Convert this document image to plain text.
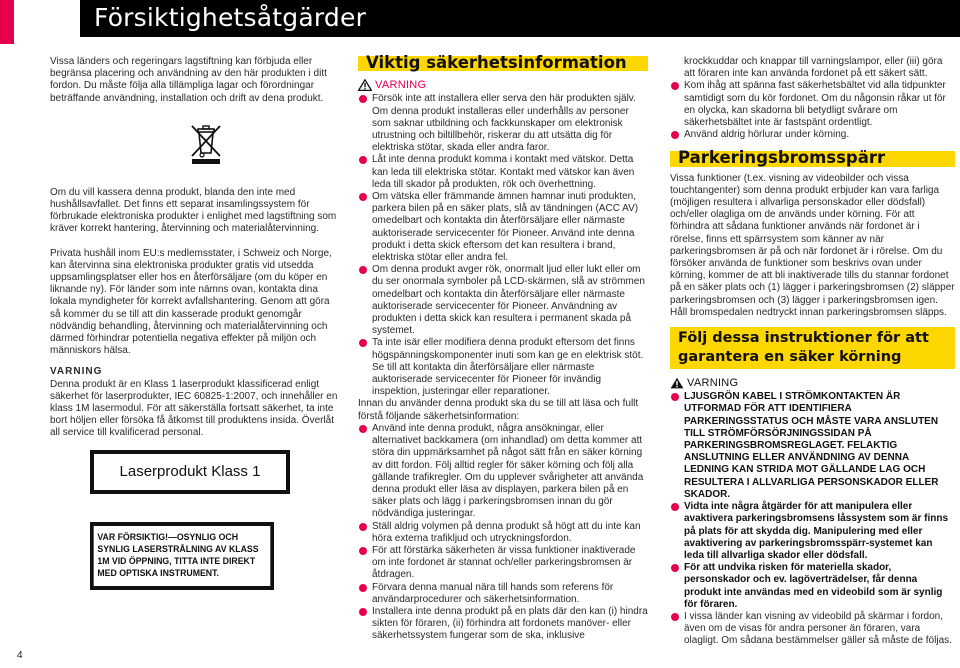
Försiktighetsåtgärder

Vissa länders och regeringars lagstiftning kan förbjuda eller begränsa placering och användning av den här produkten i ditt fordon. Du måste följa alla tillämpliga lagar och förordningar beträffande användning, installation och drift av dena produkt.

Om du vill kassera denna produkt, blanda den inte med hushållsavfallet. Det finns ett separat insamlingssystem för förbrukade elektroniska produkter i enlighet med lagstiftning som kräver korrekt hantering, återvinning och materialåtervinning.

Privata hushåll inom EU:s medlemsstater, i Schweiz och Norge, kan återvinna sina elektroniska produkter gratis vid utsedda uppsamlingsplatser eller hos en återförsäljare (om du köper en liknande ny). För länder som inte nämns ovan, kontakta dina lokala myndigheter för korrekt avfallshantering. Genom att göra så kommer du se till att din kasserade produkt genomgår nödvändig behandling, återvinning och materialåtervinning och därmed förhindrar potentiella negativa effekter på miljön och människors hälsa.

VARNING

Denna produkt är en Klass 1 laserprodukt klassificerad enligt säkerhet för laserprodukter, IEC 60825-1:2007, och innehåller en klass 1M lasermodul. För att säkerställa fortsatt säkerhet, ta inte bort höljen eller försöka få åtkomst till produktens insida. Överlåt all service till kvalificerad personal.

Laserprodukt Klass 1
VAR FÖRSIKTIG!—OSYNLIG OCH SYNLIG LASERSTRÅLNING AV KLASS 1M VID ÖPPNING, TITTA INTE DIREKT MED OPTISKA INSTRUMENT.
Viktig säkerhetsinformation
VARNING
Försök inte att installera eller serva den här produkten själv. Om denna produkt installeras eller underhålls av personer som saknar utbildning och fackkunskaper om elektronisk utrustning och biltillbehör, riskerar du att utsätta dig för elektriska stötar, skada eller andra faror.
Låt inte denna produkt komma i kontakt med vätskor. Detta kan leda till elektriska stötar. Kontakt med vätskor kan även leda till skador på produkten, rök och överhettning.
Om vätska eller främmande ämnen hamnar inuti produkten, parkera bilen på en säker plats, slå av tändningen (ACC AV) omedelbart och kontakta din återförsäljare eller närmaste auktoriserade servicecenter för Pioneer. Använd inte denna produkt i detta skick eftersom det kan resultera i brand, elektriska stötar eller andra fel.
Om denna produkt avger rök, onormalt ljud eller lukt eller om du ser onormala symboler på LCD-skärmen, slå av strömmen omedelbart och kontakta din återförsäljare eller närmaste auktoriserade servicecenter för Pioneer. Användning av produkten i detta skick kan resultera i permanent skada på systemet.
Ta inte isär eller modifiera denna produkt eftersom det finns högspänningskomponenter inuti som kan ge en elektrisk stöt. Se till att kontakta din återförsäljare eller närmaste auktoriserade servicecenter för Pioneer för invändig inspektion, justeringar eller reparationer.

Innan du använder denna produkt ska du se till att läsa och fullt förstå följande säkerhetsinformation:

Använd inte denna produkt, några ansökningar, eller alternativet backkamera (om inhandlad) om detta kommer att störa din uppmärksamhet på något sätt från en säker körning av ditt fordon. Följ alltid regler för säker körning och följ alla gällande trafikregler. Om du upplever svårigheter att använda denna produkt eller läsa av displayen, parkera bilen på en säker plats och lägg i parkeringsbromsen innan du gör nödvändiga justeringar.
Ställ aldrig volymen på denna produkt så högt att du inte kan höra externa trafikljud och utryckningsfordon.
För att förstärka säkerheten är vissa funktioner inaktiverade om inte fordonet är stannat och/eller parkeringsbromsen är åtdragen.
Förvara denna manual nära till hands som referens för användarprocedurer och säkerhetsinformation.
Installera inte denna produkt på en plats där den kan (i) hindra sikten för föraren, (ii) förhindra att fordonets manöver- eller säkerhetssystem fungerar som de ska, inklusive

krockkuddar och knappar till varningslampor, eller (iii) göra att föraren inte kan använda fordonet på ett säkert sätt.

Kom ihåg att spänna fast säkerhetsbältet vid alla tidpunkter samtidigt som du kör fordonet. Om du någonsin råkar ut för en olycka, kan skadorna bli betydligt svårare om säkerhetsbältet inte är fastspänt ordentligt.
Använd aldrig hörlurar under körning.
Parkeringsbromsspärr

Vissa funktioner (t.ex. visning av videobilder och vissa touchtangenter) som denna produkt erbjuder kan vara farliga (möjligen resultera i allvarliga personskador eller dödsfall) och/eller olagliga om de används under körning. För att förhindra att sådana funktioner används när fordonet är i rörelse, finns ett spärrsystem som känner av när parkeringsbromsen är på och när fordonet är i rörelse. Om du försöker använda de funktioner som beskrivs ovan under körning, kommer de att bli inaktiverade tills du stannar fordonet på en säker plats och (1) lägger i parkeringsbromsen (2) släpper parkeringsbromsen och (3) lägger i parkeringsbromsen igen. Håll bromspedalen nedtryckt innan parkeringsbromsen släpps.

Följ dessa instruktioner för att garantera en säker körning
VARNING
LJUSGRÖN KABEL I STRÖMKONTAKTEN ÄR UTFORMAD FÖR ATT IDENTIFIERA PARKERINGSSTATUS OCH MÅSTE VARA ANSLUTEN TILL STRÖMFÖRSÖRJNINGSSIDAN PÅ PARKERINGSBROMSREGLAGET. FELAKTIG ANSLUTNING ELLER ANVÄNDNING AV DENNA LEDNING KAN STRIDA MOT GÄLLANDE LAG OCH RESULTERA I ALLVARLIGA PERSONSKADOR ELLER SKADOR.
Vidta inte några åtgärder för att manipulera eller avaktivera parkeringsbromsens låssystem som är finns på plats för att skydda dig. Manipulering med eller avaktivering av parkeringsbromsspärr-systemet kan leda till allvarliga skador eller dödsfall.
För att undvika risken för materiella skador, personskador och ev. lagöverträdelser, får denna produkt inte användas med en videobild som är synlig för föraren.
I vissa länder kan visning av videobild på skärmar i fordon, även om de visas för andra personer än föraren, vara olagligt. Om sådana bestämmelser gäller så måste de följas.
4
